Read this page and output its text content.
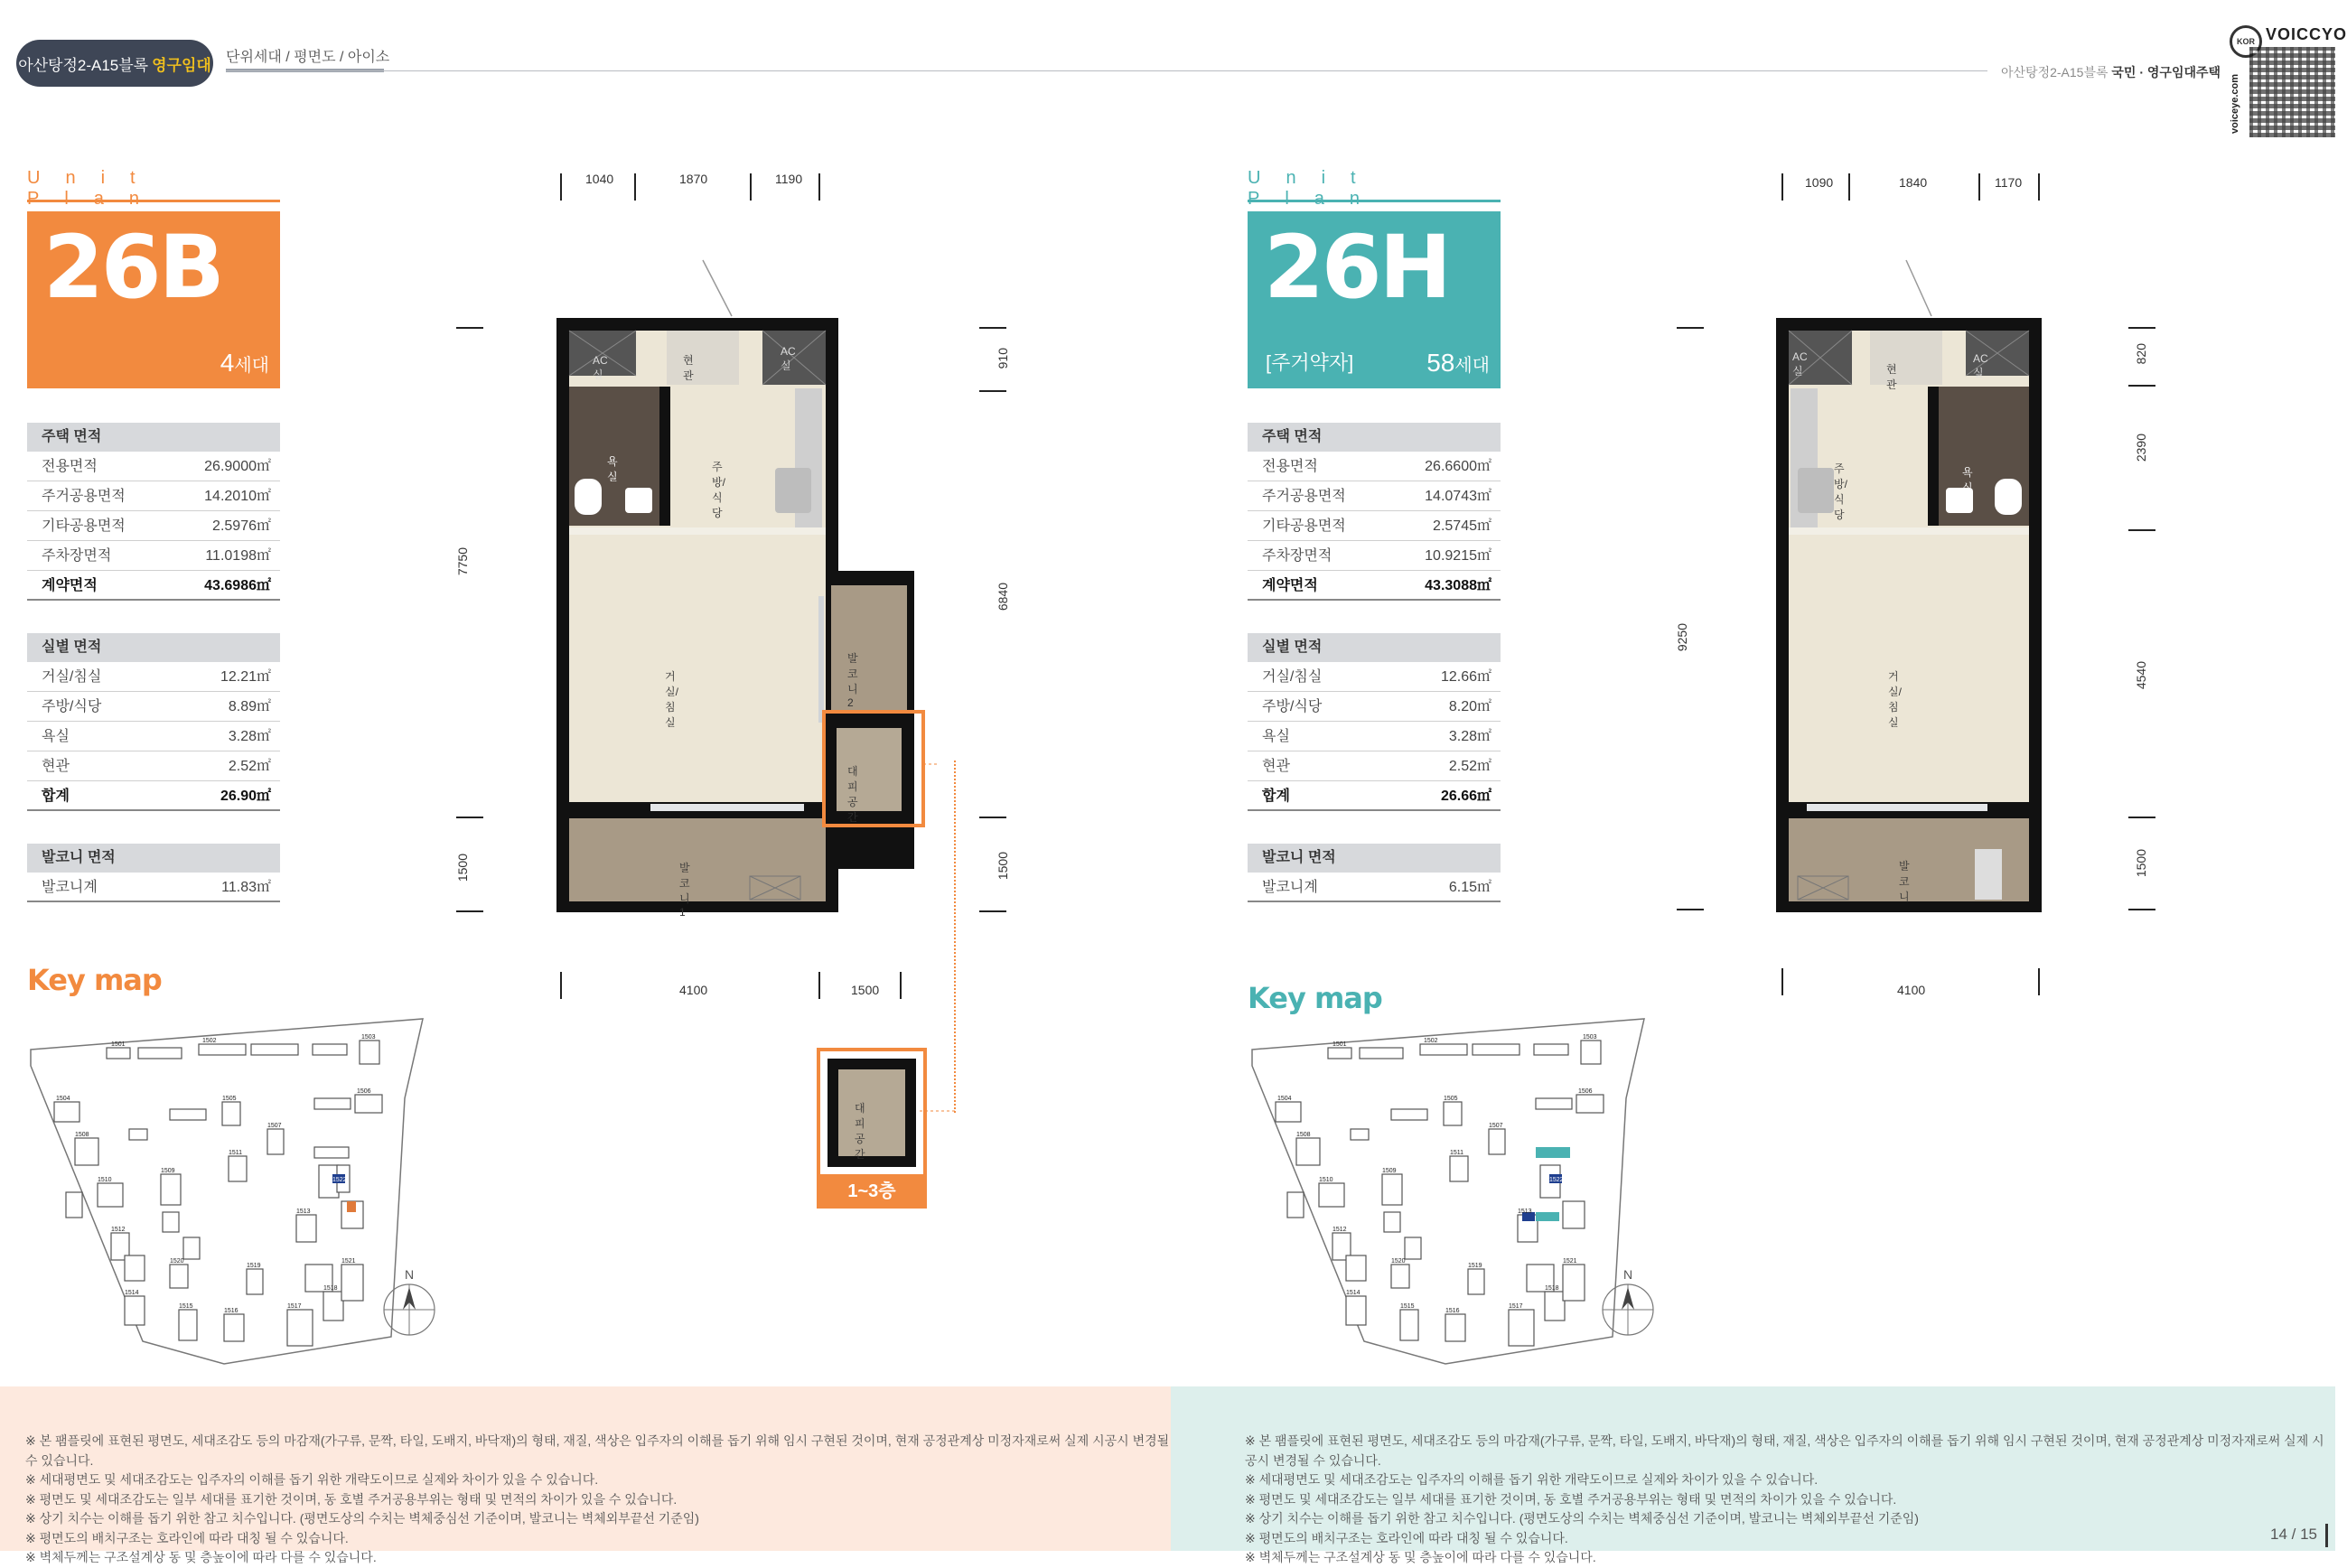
아산탕정2-A15블록 영구임대 단위세대 / 평면도 / 아이소
아산탕정2-A15블록 국민 · 영구임대주택
KOR VOICCYO
voiceye.com
Unit Plan
26B
4세대
주택 면적
전용면적	26.9000㎡
주거공용면적	14.2010㎡
기타공용면적	2.5976㎡
주차장면적	11.0198㎡
계약면적	43.6986㎡
실별 면적
거실/침실	12.21㎡
주방/식당	8.89㎡
욕실	3.28㎡
현관	2.52㎡
합계	26.90㎡
발코니 면적
발코니계	11.83㎡
Key map
Unit Plan
26H
[주거약자]	58세대
주택 면적
전용면적	26.6600㎡
주거공용면적	14.0743㎡
기타공용면적	2.5745㎡
주차장면적	10.9215㎡
계약면적	43.3088㎡
실별 면적
거실/침실	12.66㎡
주방/식당	8.20㎡
욕실	3.28㎡
현관	2.52㎡
합계	26.66㎡
발코니 면적
발코니계	6.15㎡
Key map
1501
1502
1503
1504	1505
1506
1507
1508
1509
1510
1511
1512
1513
1514
1515
1516
1517
1518
1519
1520	1521
1522
N
1501
1502
1503
1504	1505
1506
1507
1508
1509
1510
1511
1512
1513
1514
1515
1516
1517
1518
1519
1520	1521
1522
N
1040	1870	1190
4100	1500
7750
1500
910
6840
1500
현관
AC실
AC실
욕실
주방/식당
거실/침실
발코니2
대피공간
발코니1
대피공간
1~3층
1090	1840	1170
4100
9250
820
2390
4540
1500
현관
AC실
AC실
욕실
주방/식당
거실/침실
발코니
※ 본 팸플릿에 표현된 평면도, 세대조감도 등의 마감재(가구류, 문짝, 타일, 도배지, 바닥재)의 형태, 재질, 색상은 입주자의 이해를 돕기 위해 임시 구현된 것이며, 현재 공정관계상 미정자재로써 실제 시공시 변경될 수 있습니다.
※ 세대평면도 및 세대조감도는 입주자의 이해를 돕기 위한 개략도이므로 실제와 차이가 있을 수 있습니다.
※ 평면도 및 세대조감도는 일부 세대를 표기한 것이며, 동 호별 주거공용부위는 형태 및 면적의 차이가 있을 수 있습니다.
※ 상기 치수는 이해를 돕기 위한 참고 치수입니다. (평면도상의 수치는 벽체중심선 기준이며, 발코니는 벽체외부끝선 기준임)
※ 평면도의 배치구조는 호라인에 따라 대칭 될 수 있습니다.
※ 벽체두께는 구조설계상 동 및 층높이에 따라 다를 수 있습니다.
※ 본 팸플릿에 표현된 평면도, 세대조감도 등의 마감재(가구류, 문짝, 타일, 도배지, 바닥재)의 형태, 재질, 색상은 입주자의 이해를 돕기 위해 임시 구현된 것이며, 현재 공정관계상 미정자재로써 실제 시공시 변경될 수 있습니다.
※ 세대평면도 및 세대조감도는 입주자의 이해를 돕기 위한 개략도이므로 실제와 차이가 있을 수 있습니다.
※ 평면도 및 세대조감도는 일부 세대를 표기한 것이며, 동 호별 주거공용부위는 형태 및 면적의 차이가 있을 수 있습니다.
※ 상기 치수는 이해를 돕기 위한 참고 치수입니다. (평면도상의 수치는 벽체중심선 기준이며, 발코니는 벽체외부끝선 기준임)
※ 평면도의 배치구조는 호라인에 따라 대칭 될 수 있습니다.
※ 벽체두께는 구조설계상 동 및 층높이에 따라 다를 수 있습니다.
14 / 15
